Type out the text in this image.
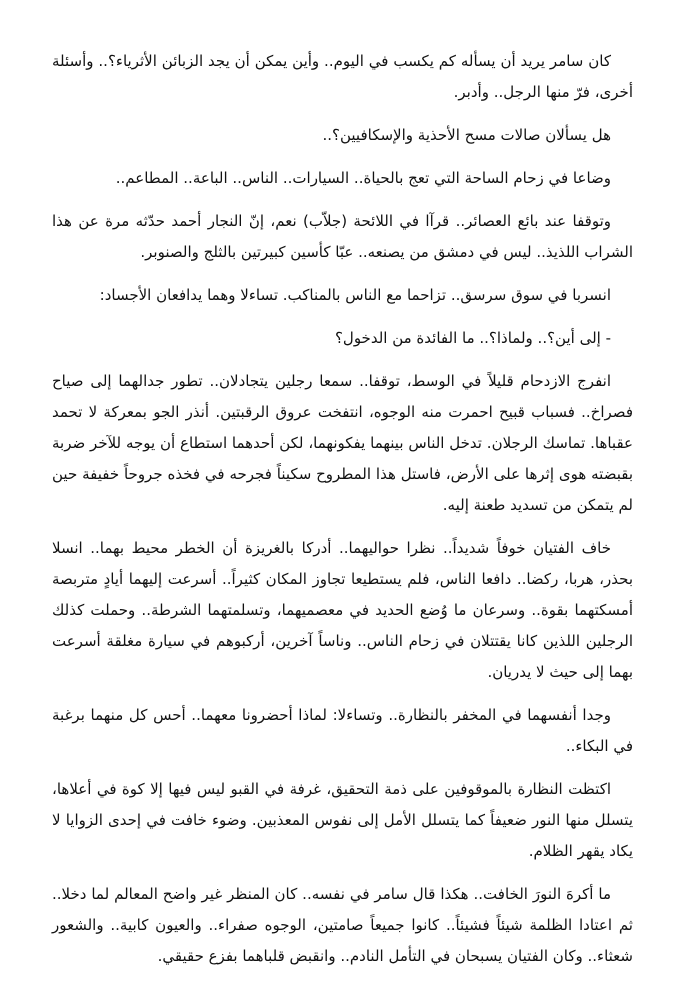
كان سامر يريد أن يسأله كم يكسب في اليوم.. وأين يمكن أن يجد الزبائن الأثرياء؟.. وأسئلة أخرى، فرّ منها الرجل.. وأدبر.

هل يسألان صالات مسح الأحذية والإسكافيين؟..

وضاعا في زحام الساحة التي تعج بالحياة.. السيارات.. الناس.. الباعة.. المطاعم..

وتوقفا عند بائع العصائر.. قرآا في اللائحة (جلاّب) نعم، إنّ النجار أحمد حدّثه مرة عن هذا الشراب اللذيذ.. ليس في دمشق من يصنعه.. عبّا كأسين كبيرتين بالثلج والصنوبر.

انسربا في سوق سرسق.. تزاحما مع الناس بالمناكب. تساءلا وهما يدافعان الأجساد:

- إلى أين؟.. ولماذا؟.. ما الفائدة من الدخول؟

انفرج الازدحام قليلاً في الوسط، توقفا.. سمعا رجلين يتجادلان.. تطور جدالهما إلى صياح فصراخ.. فسباب قبيح احمرت منه الوجوه، انتفخت عروق الرقبتين. أنذر الجو بمعركة لا تحمد عقباها. تماسك الرجلان. تدخل الناس بينهما يفكونهما، لكن أحدهما استطاع أن يوجه للآخر ضربة بقبضته هوى إثرها على الأرض، فاستل هذا المطروح سكيناً فجرحه في فخذه جروحاً خفيفة حين لم يتمكن من تسديد طعنة إليه.

خاف الفتيان خوفاً شديداً.. نظرا حواليهما.. أدركا بالغريزة أن الخطر محيط بهما.. انسلا بحذر، هربا، ركضا.. دافعا الناس، فلم يستطيعا تجاوز المكان كثيراً.. أسرعت إليهما أيادٍ متربصة أمسكتهما بقوة.. وسرعان ما وُضع الحديد في معصميهما، وتسلمتهما الشرطة.. وحملت كذلك الرجلين اللذين كانا يقتتلان في زحام الناس.. وناساً آخرين، أركبوهم في سيارة مغلقة أسرعت بهما إلى حيث لا يدريان.

وجدا أنفسهما في المخفر بالنظارة.. وتساءلا: لماذا أحضرونا معهما.. أحس كل منهما برغبة في البكاء..

اكتظت النظارة بالموقوفين على ذمة التحقيق، غرفة في القبو ليس فيها إلا كوة في أعلاها، يتسلل منها النور ضعيفاً كما يتسلل الأمل إلى نفوس المعذبين. وضوء خافت في إحدى الزوايا لا يكاد يقهر الظلام.

ما أكرهَ النورَ الخافت.. هكذا قال سامر في نفسه.. كان المنظر غير واضح المعالم لما دخلا.. ثم اعتادا الظلمة شيئاً فشيئاً.. كانوا جميعاً صامتين، الوجوه صفراء.. والعيون كابية.. والشعور شعثاء.. وكان الفتيان يسبحان في التأمل النادم.. وانقبض قلباهما بفزع حقيقي.
